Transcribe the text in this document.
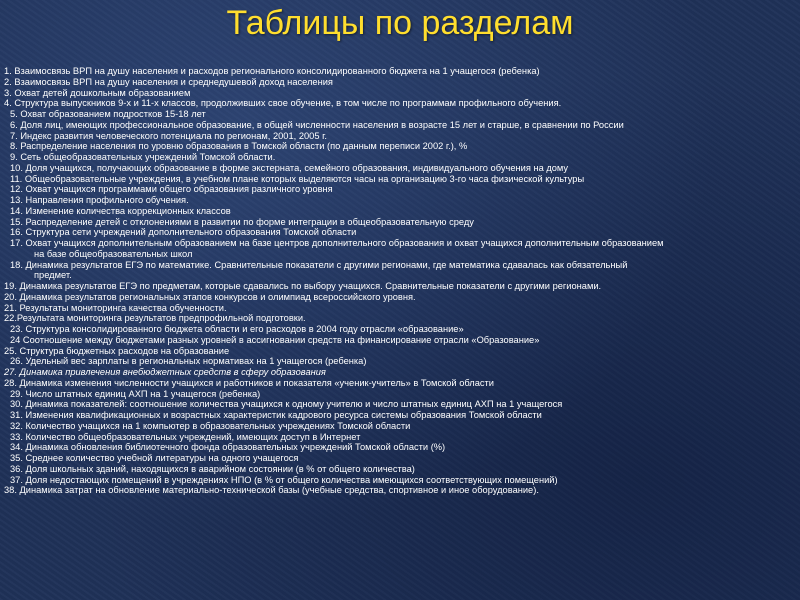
Таблицы по разделам
1. Взаимосвязь ВРП на душу населения и расходов регионального консолидированного бюджета на 1 учащегося (ребенка)
2. Взаимосвязь ВРП на душу населения и среднедушевой доход населения
3. Охват детей дошкольным образованием
4. Структура выпускников 9-х и 11-х классов, продолживших свое обучение, в том числе по программам профильного обучения.
5. Охват образованием подростков 15-18 лет
6. Доля лиц, имеющих профессиональное образование, в общей численности населения в возрасте 15 лет и старше, в сравнении по России
7. Индекс развития человеческого потенциала по регионам, 2001, 2005 г.
8. Распределение населения по уровню образования в Томской области (по данным переписи 2002 г.), %
9. Сеть общеобразовательных учреждений Томской области.
10. Доля учащихся, получающих образование в форме экстерната, семейного образования, индивидуального обучения на дому
11. Общеобразовательные учреждения, в учебном плане которых выделяются часы на организацию 3-го часа физической культуры
12. Охват учащихся программами общего образования различного уровня
13. Направления профильного обучения.
14. Изменение количества коррекционных классов
15. Распределение детей с отклонениями в развитии по форме интеграции в общеобразовательную среду
16. Структура сети учреждений дополнительного образования Томской области
17. Охват учащихся дополнительным образованием на базе центров дополнительного образования и охват учащихся дополнительным образованием
на базе общеобразовательных школ
18. Динамика результатов ЕГЭ по математике. Сравнительные показатели с другими регионами, где математика сдавалась как обязательный
предмет.
19. Динамика результатов ЕГЭ по предметам, которые сдавались по выбору учащихся. Сравнительные показатели с другими регионами.
20. Динамика результатов региональных этапов конкурсов и олимпиад всероссийского уровня.
21. Результаты мониторинга качества обученности.
22.Результата мониторинга результатов предпрофильной подготовки.
23. Структура консолидированного бюджета области и его расходов в 2004 году отрасли «образование»
24 Соотношение между бюджетами разных уровней в ассигновании средств на финансирование отрасли «Образование»
25. Структура бюджетных расходов на образование
26. Удельный вес зарплаты в региональных нормативах на 1 учащегося (ребенка)
27. Динамика привлечения внебюджетных средств в сферу образования
28. Динамика изменения численности учащихся и работников и показателя «ученик-учитель» в Томской области
29. Число штатных единиц АХП на 1 учащегося (ребенка)
30. Динамика показателей: соотношение количества учащихся к одному учителю и число штатных единиц АХП на 1 учащегося
31. Изменения квалификационных и возрастных характеристик кадрового ресурса системы образования Томской области
32. Количество учащихся на 1 компьютер в образовательных учреждениях Томской области
33. Количество общеобразовательных учреждений, имеющих доступ в Интернет
34. Динамика обновления библиотечного фонда образовательных учреждений Томской области (%)
35. Среднее количество учебной литературы на одного учащегося
36. Доля школьных зданий, находящихся в аварийном состоянии (в % от общего количества)
37. Доля недостающих помещений в учреждениях НПО (в % от общего количества имеющихся соответствующих помещений)
38. Динамика затрат на обновление материально-технической базы (учебные средства, спортивное и иное оборудование).
